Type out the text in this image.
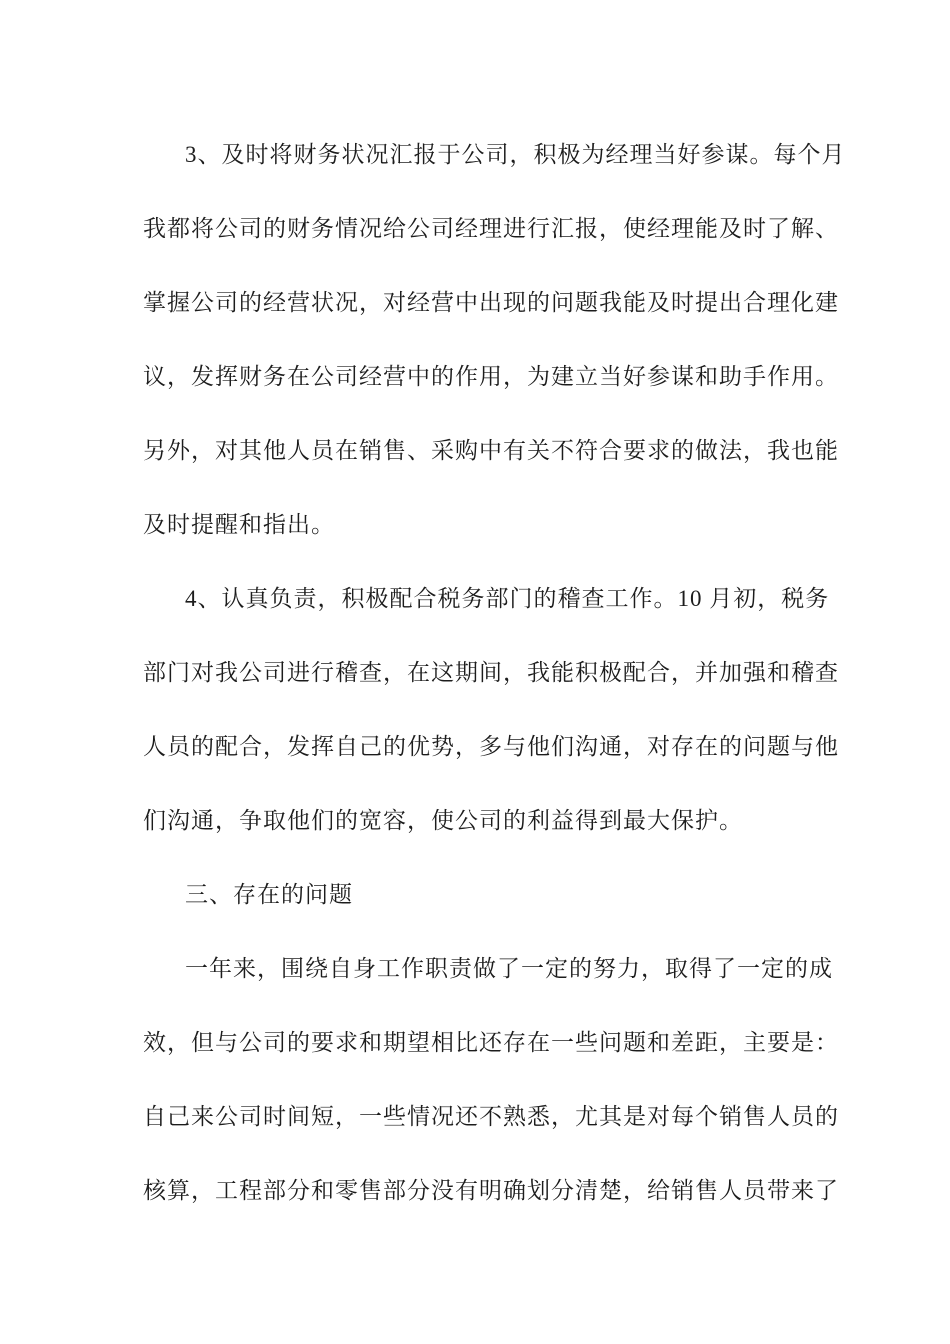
3、及时将财务状况汇报于公司，积极为经理当好参谋。每个月
我都将公司的财务情况给公司经理进行汇报，使经理能及时了解、
掌握公司的经营状况，对经营中出现的问题我能及时提出合理化建
议，发挥财务在公司经营中的作用，为建立当好参谋和助手作用。
另外，对其他人员在销售、采购中有关不符合要求的做法，我也能
及时提醒和指出。
4、认真负责，积极配合税务部门的稽查工作。10 月初，税务
部门对我公司进行稽查，在这期间，我能积极配合，并加强和稽查
人员的配合，发挥自己的优势，多与他们沟通，对存在的问题与他
们沟通，争取他们的宽容，使公司的利益得到最大保护。
三、存在的问题
一年来，围绕自身工作职责做了一定的努力，取得了一定的成
效，但与公司的要求和期望相比还存在一些问题和差距，主要是：
自己来公司时间短，一些情况还不熟悉，尤其是对每个销售人员的
核算，工程部分和零售部分没有明确划分清楚，给销售人员带来了
